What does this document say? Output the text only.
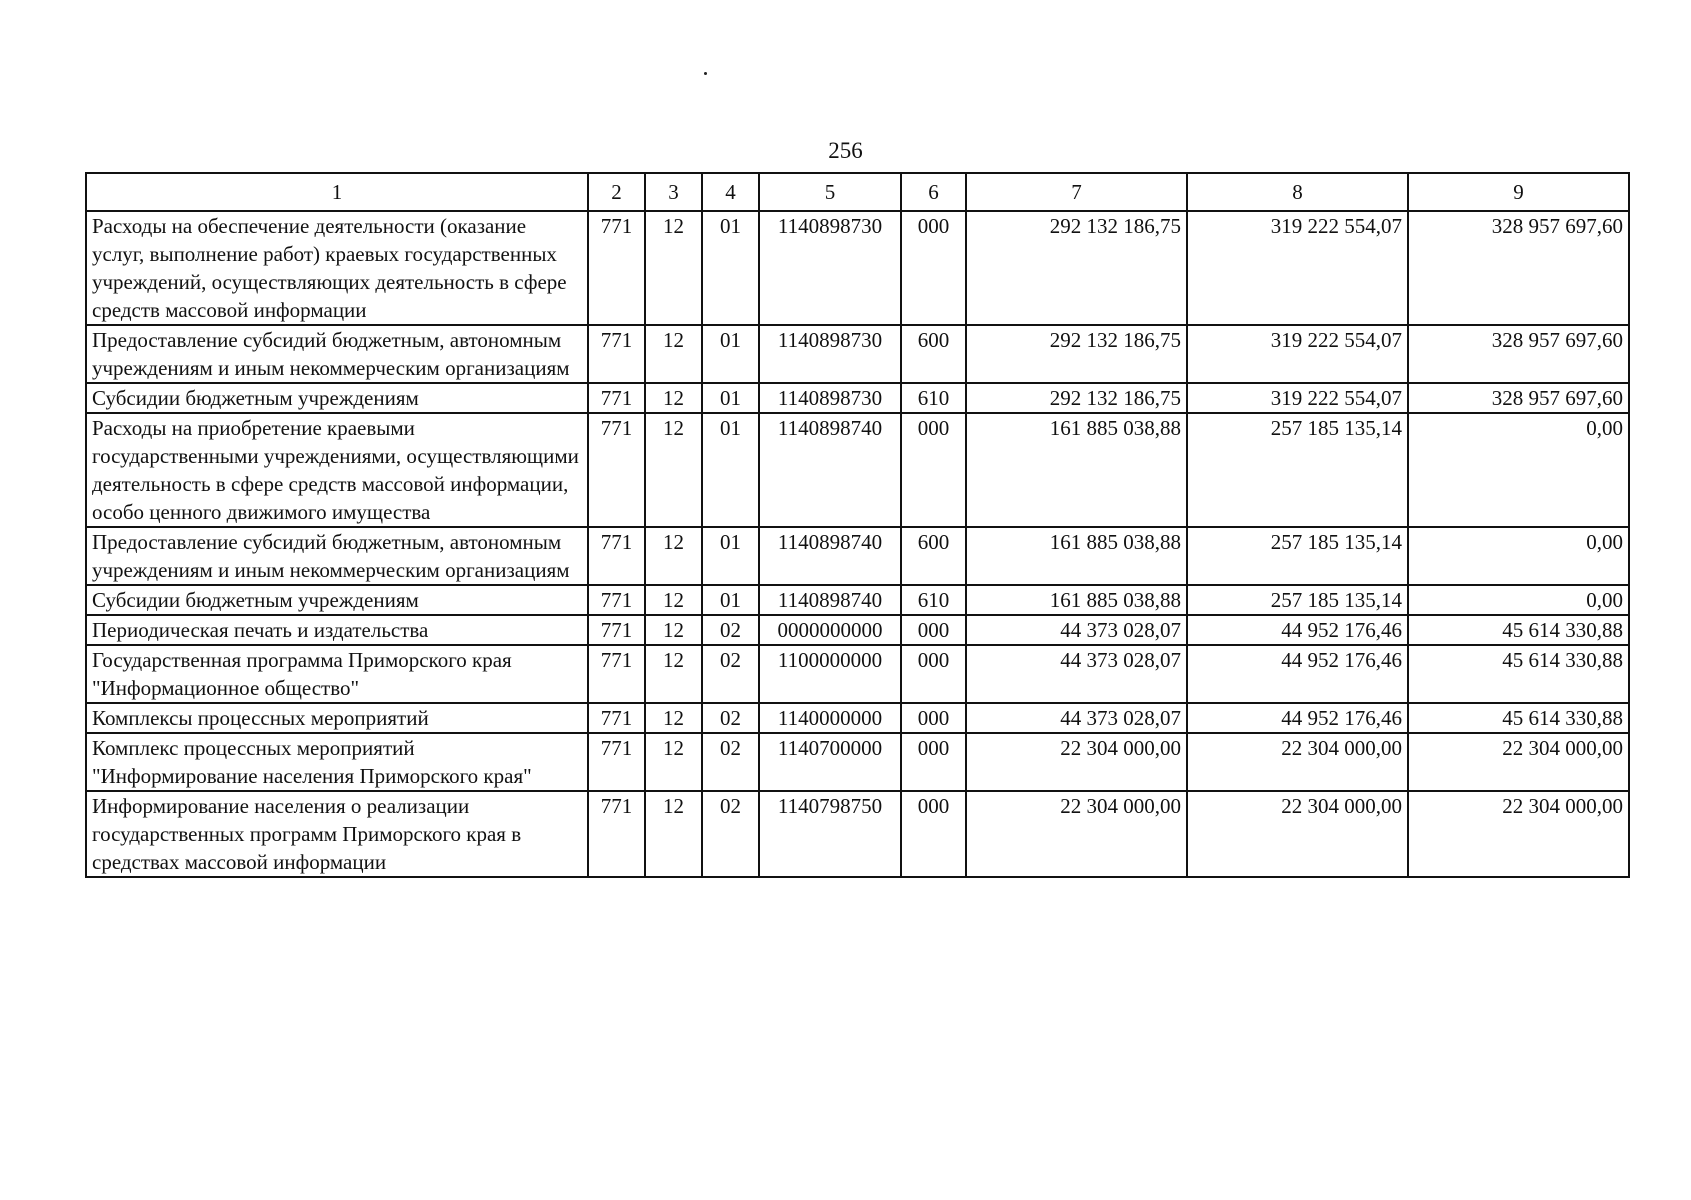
256
1	2	3	4	5	6	7	8	9
Расходы на обеспечение деятельности (оказание услуг, выполнение работ) краевых государственных учреждений, осуществляющих деятельность в сфере средств массовой информации	771	12	01	1140898730	000	292 132 186,75	319 222 554,07	328 957 697,60
Предоставление субсидий бюджетным, автономным учреждениям и иным некоммерческим организациям	771	12	01	1140898730	600	292 132 186,75	319 222 554,07	328 957 697,60
Субсидии бюджетным учреждениям	771	12	01	1140898730	610	292 132 186,75	319 222 554,07	328 957 697,60
Расходы на приобретение краевыми государственными учреждениями, осуществляющими деятельность в сфере средств массовой информации, особо ценного движимого имущества	771	12	01	1140898740	000	161 885 038,88	257 185 135,14	0,00
Предоставление субсидий бюджетным, автономным учреждениям и иным некоммерческим организациям	771	12	01	1140898740	600	161 885 038,88	257 185 135,14	0,00
Субсидии бюджетным учреждениям	771	12	01	1140898740	610	161 885 038,88	257 185 135,14	0,00
Периодическая печать и издательства	771	12	02	0000000000	000	44 373 028,07	44 952 176,46	45 614 330,88
Государственная программа Приморского края "Информационное общество"	771	12	02	1100000000	000	44 373 028,07	44 952 176,46	45 614 330,88
Комплексы процессных мероприятий	771	12	02	1140000000	000	44 373 028,07	44 952 176,46	45 614 330,88
Комплекс процессных мероприятий "Информирование населения Приморского края"	771	12	02	1140700000	000	22 304 000,00	22 304 000,00	22 304 000,00
Информирование населения о реализации государственных программ Приморского края в средствах массовой информации	771	12	02	1140798750	000	22 304 000,00	22 304 000,00	22 304 000,00
